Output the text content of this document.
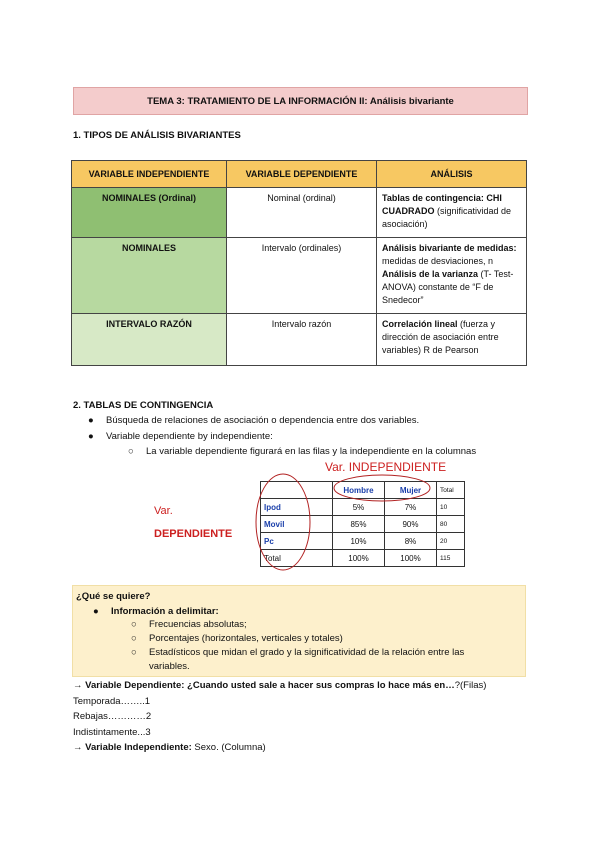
TEMA 3: TRATAMIENTO DE LA INFORMACIÓN II: Análisis bivariante
1. TIPOS DE ANÁLISIS BIVARIANTES
VARIABLE INDEPENDIENTE	VARIABLE DEPENDIENTE	ANÁLISIS
NOMINALES (Ordinal)	Nominal (ordinal)	Tablas de contingencia: CHI CUADRADO (significatividad de asociación)
NOMINALES	Intervalo (ordinales)	Análisis bivariante de medidas: medidas de desviaciones, n
Análisis de la varianza (T- Test- ANOVA) constante de “F de Snedecor”
INTERVALO RAZÓN	Intervalo razón	Correlación lineal (fuerza y dirección de asociación entre variables) R de Pearson
2. TABLAS DE CONTINGENCIA
● Búsqueda de relaciones de asociación o dependencia entre dos variables.
● Variable dependiente by independiente:
○ La variable dependiente figurará en las filas y la independiente en la columnas
Var. INDEPENDIENTE
Var.
DEPENDIENTE
	Hombre	Mujer	Total
Ipod	5%	7%	10
Movil	85%	90%	80
Pc	10%	8%	20
Total	100%	100%	115
¿Qué se quiere?
● Información a delimitar:
○ Frecuencias absolutas;
○ Porcentajes (horizontales, verticales y totales)
○ Estadísticos que midan el grado y la significatividad de la relación entre las
variables.
→ Variable Dependiente: ¿Cuando usted sale a hacer sus compras lo hace más en…?(Filas)
Temporada……..1
Rebajas…………2
Indistintamente...3
→ Variable Independiente: Sexo. (Columna)
